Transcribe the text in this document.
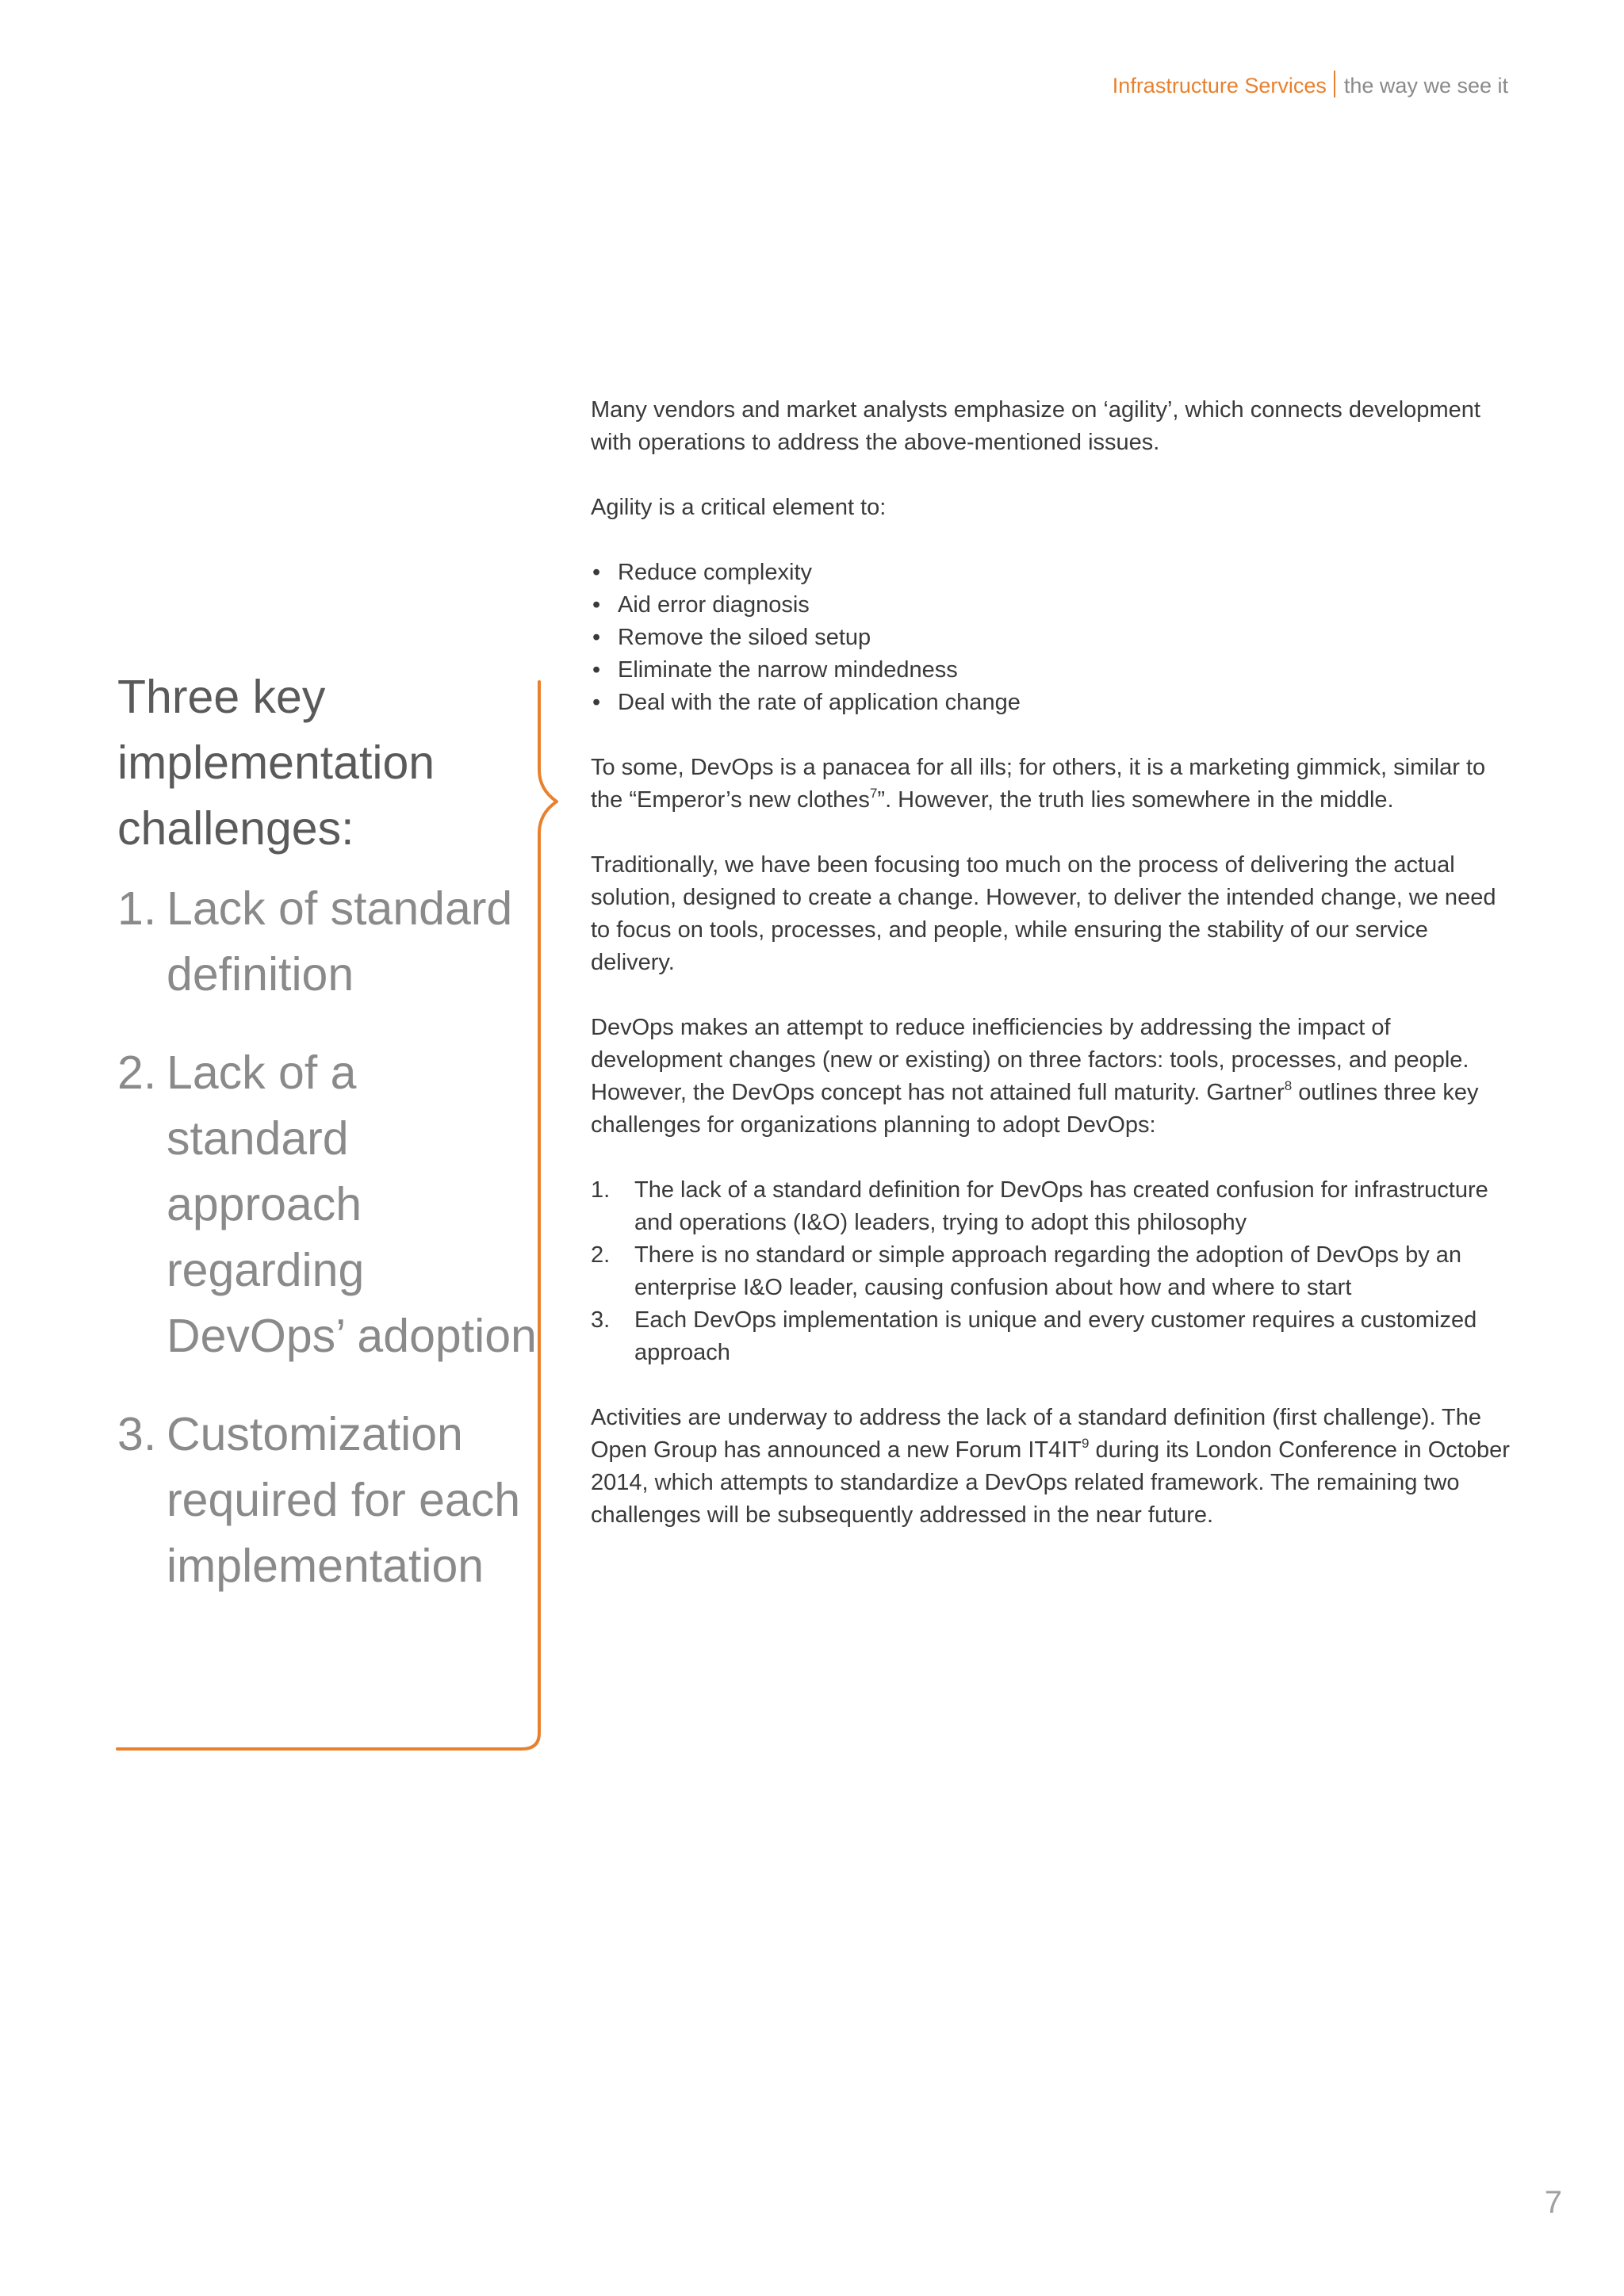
Infrastructure Services the way we see it
Three key implementation challenges:
1. Lack of standard definition
2. Lack of a standard approach regarding DevOps’ adoption
3. Customization required for each implementation

Many vendors and market analysts emphasize on ‘agility’, which connects development with operations to address the above-mentioned issues.

Agility is a critical element to:

• Reduce complexity
• Aid error diagnosis
• Remove the siloed setup
• Eliminate the narrow mindedness
• Deal with the rate of application change

To some, DevOps is a panacea for all ills; for others, it is a marketing gimmick, similar to the “Emperor’s new clothes$^7$”. However, the truth lies somewhere in the middle.

Traditionally, we have been focusing too much on the process of delivering the actual solution, designed to create a change. However, to deliver the intended change, we need to focus on tools, processes, and people, while ensuring the stability of our service delivery.

DevOps makes an attempt to reduce inefficiencies by addressing the impact of development changes (new or existing) on three factors: tools, processes, and people. However, the DevOps concept has not attained full maturity. Gartner$^8$ outlines three key challenges for organizations planning to adopt DevOps:

1. The lack of a standard definition for DevOps has created confusion for infrastructure and operations (I&O) leaders, trying to adopt this philosophy
2. There is no standard or simple approach regarding the adoption of DevOps by an enterprise I&O leader, causing confusion about how and where to start
3. Each DevOps implementation is unique and every customer requires a customized approach

Activities are underway to address the lack of a standard definition (first challenge). The Open Group has announced a new Forum $IT4IT^9$ during its London Conference in October 2014, which attempts to standardize a DevOps related framework. The remaining two challenges will be subsequently addressed in the near future.

7
